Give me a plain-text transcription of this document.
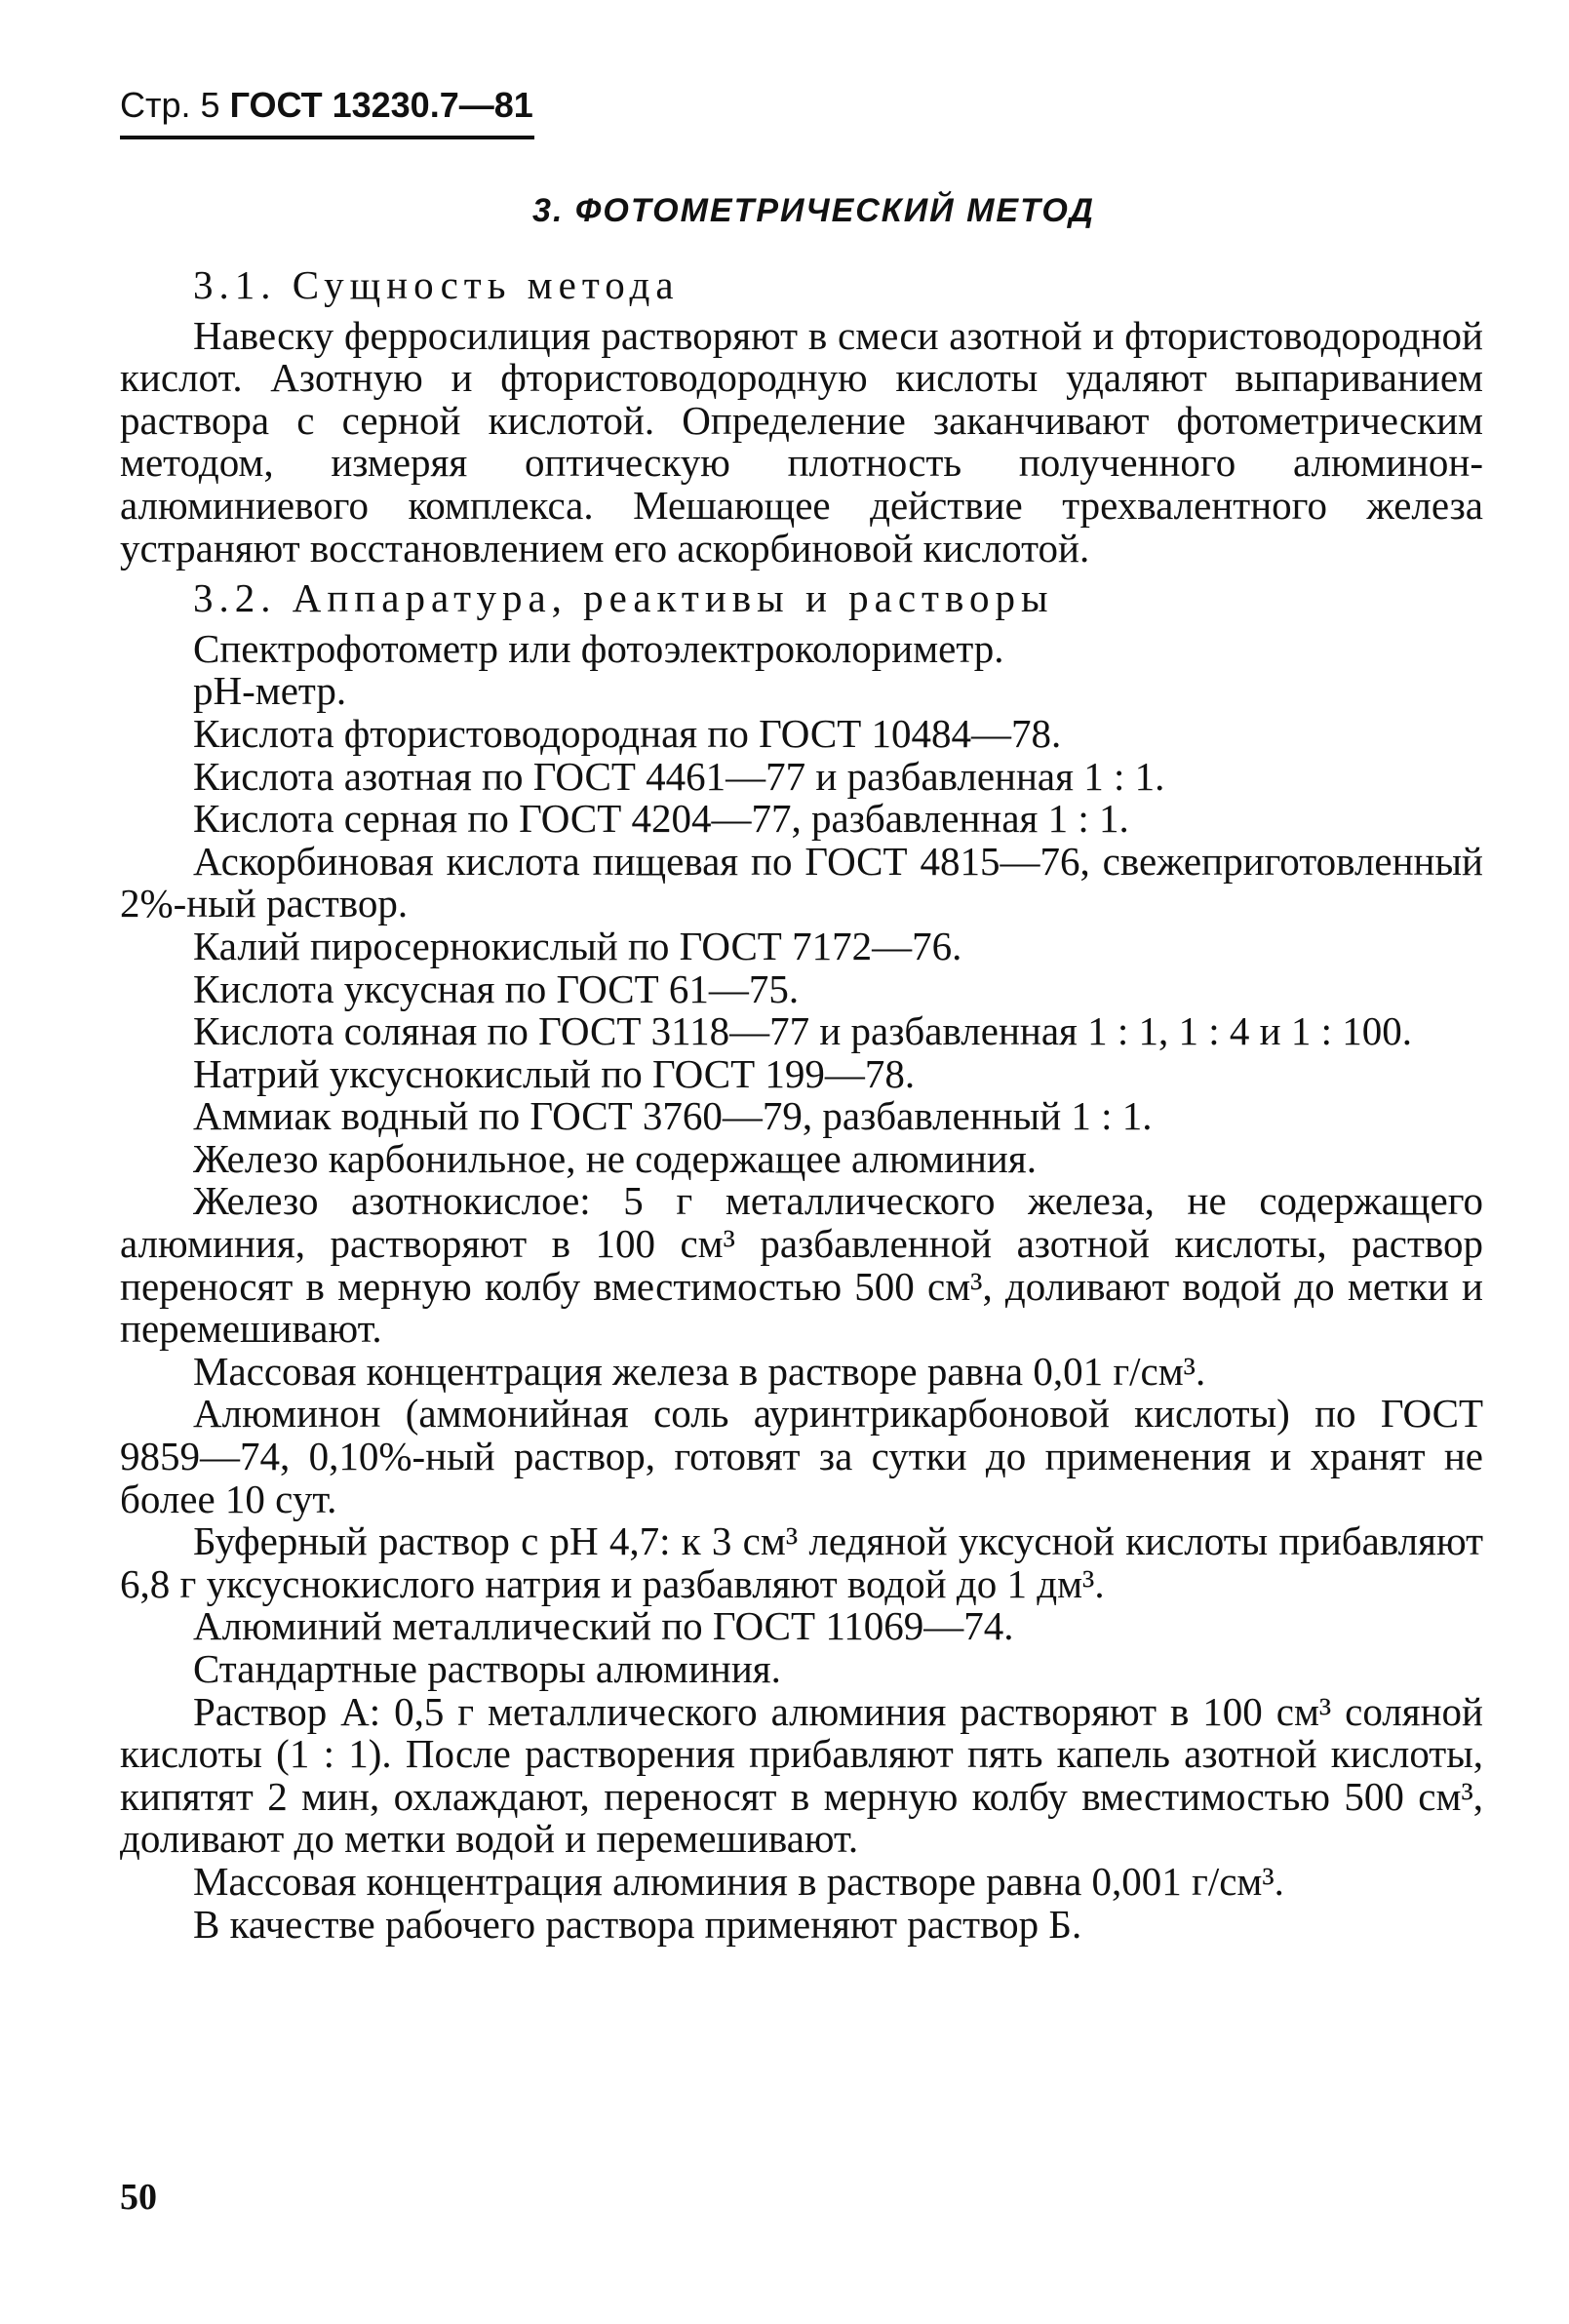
Стр. 5 ГОСТ 13230.7—81
3. ФОТОМЕТРИЧЕСКИЙ МЕТОД

3.1. Сущность метода

Навеску ферросилиция растворяют в смеси азотной и фтористоводородной кислот. Азотную и фтористоводородную кислоты удаляют выпариванием раствора с серной кислотой. Определение заканчивают фотометрическим методом, измеряя оптическую плотность полученного алюминон-алюминиевого комплекса. Мешающее действие трехвалентного железа устраняют восстановлением его аскорбиновой кислотой.

3.2. Аппаратура, реактивы и растворы

Спектрофотометр или фотоэлектроколориметр.

рН-метр.

Кислота фтористоводородная по ГОСТ 10484—78.

Кислота азотная по ГОСТ 4461—77 и разбавленная 1 : 1.

Кислота серная по ГОСТ 4204—77, разбавленная 1 : 1.

Аскорбиновая кислота пищевая по ГОСТ 4815—76, свежеприготовленный 2%-ный раствор.

Калий пиросернокислый по ГОСТ 7172—76.

Кислота уксусная по ГОСТ 61—75.

Кислота соляная по ГОСТ 3118—77 и разбавленная 1 : 1, 1 : 4 и 1 : 100.

Натрий уксуснокислый по ГОСТ 199—78.

Аммиак водный по ГОСТ 3760—79, разбавленный 1 : 1.

Железо карбонильное, не содержащее алюминия.

Железо азотнокислое: 5 г металлического железа, не содержащего алюминия, растворяют в 100 см³ разбавленной азотной кислоты, раствор переносят в мерную колбу вместимостью 500 см³, доливают водой до метки и перемешивают.

Массовая концентрация железа в растворе равна 0,01 г/см³.

Алюминон (аммонийная соль ауринтрикарбоновой кислоты) по ГОСТ 9859—74, 0,10%-ный раствор, готовят за сутки до применения и хранят не более 10 сут.

Буферный раствор с рН 4,7: к 3 см³ ледяной уксусной кислоты прибавляют 6,8 г уксуснокислого натрия и разбавляют водой до 1 дм³.

Алюминий металлический по ГОСТ 11069—74.

Стандартные растворы алюминия.

Раствор А: 0,5 г металлического алюминия растворяют в 100 см³ соляной кислоты (1 : 1). После растворения прибавляют пять капель азотной кислоты, кипятят 2 мин, охлаждают, переносят в мерную колбу вместимостью 500 см³, доливают до метки водой и перемешивают.

Массовая концентрация алюминия в растворе равна 0,001 г/см³.

В качестве рабочего раствора применяют раствор Б.

50
